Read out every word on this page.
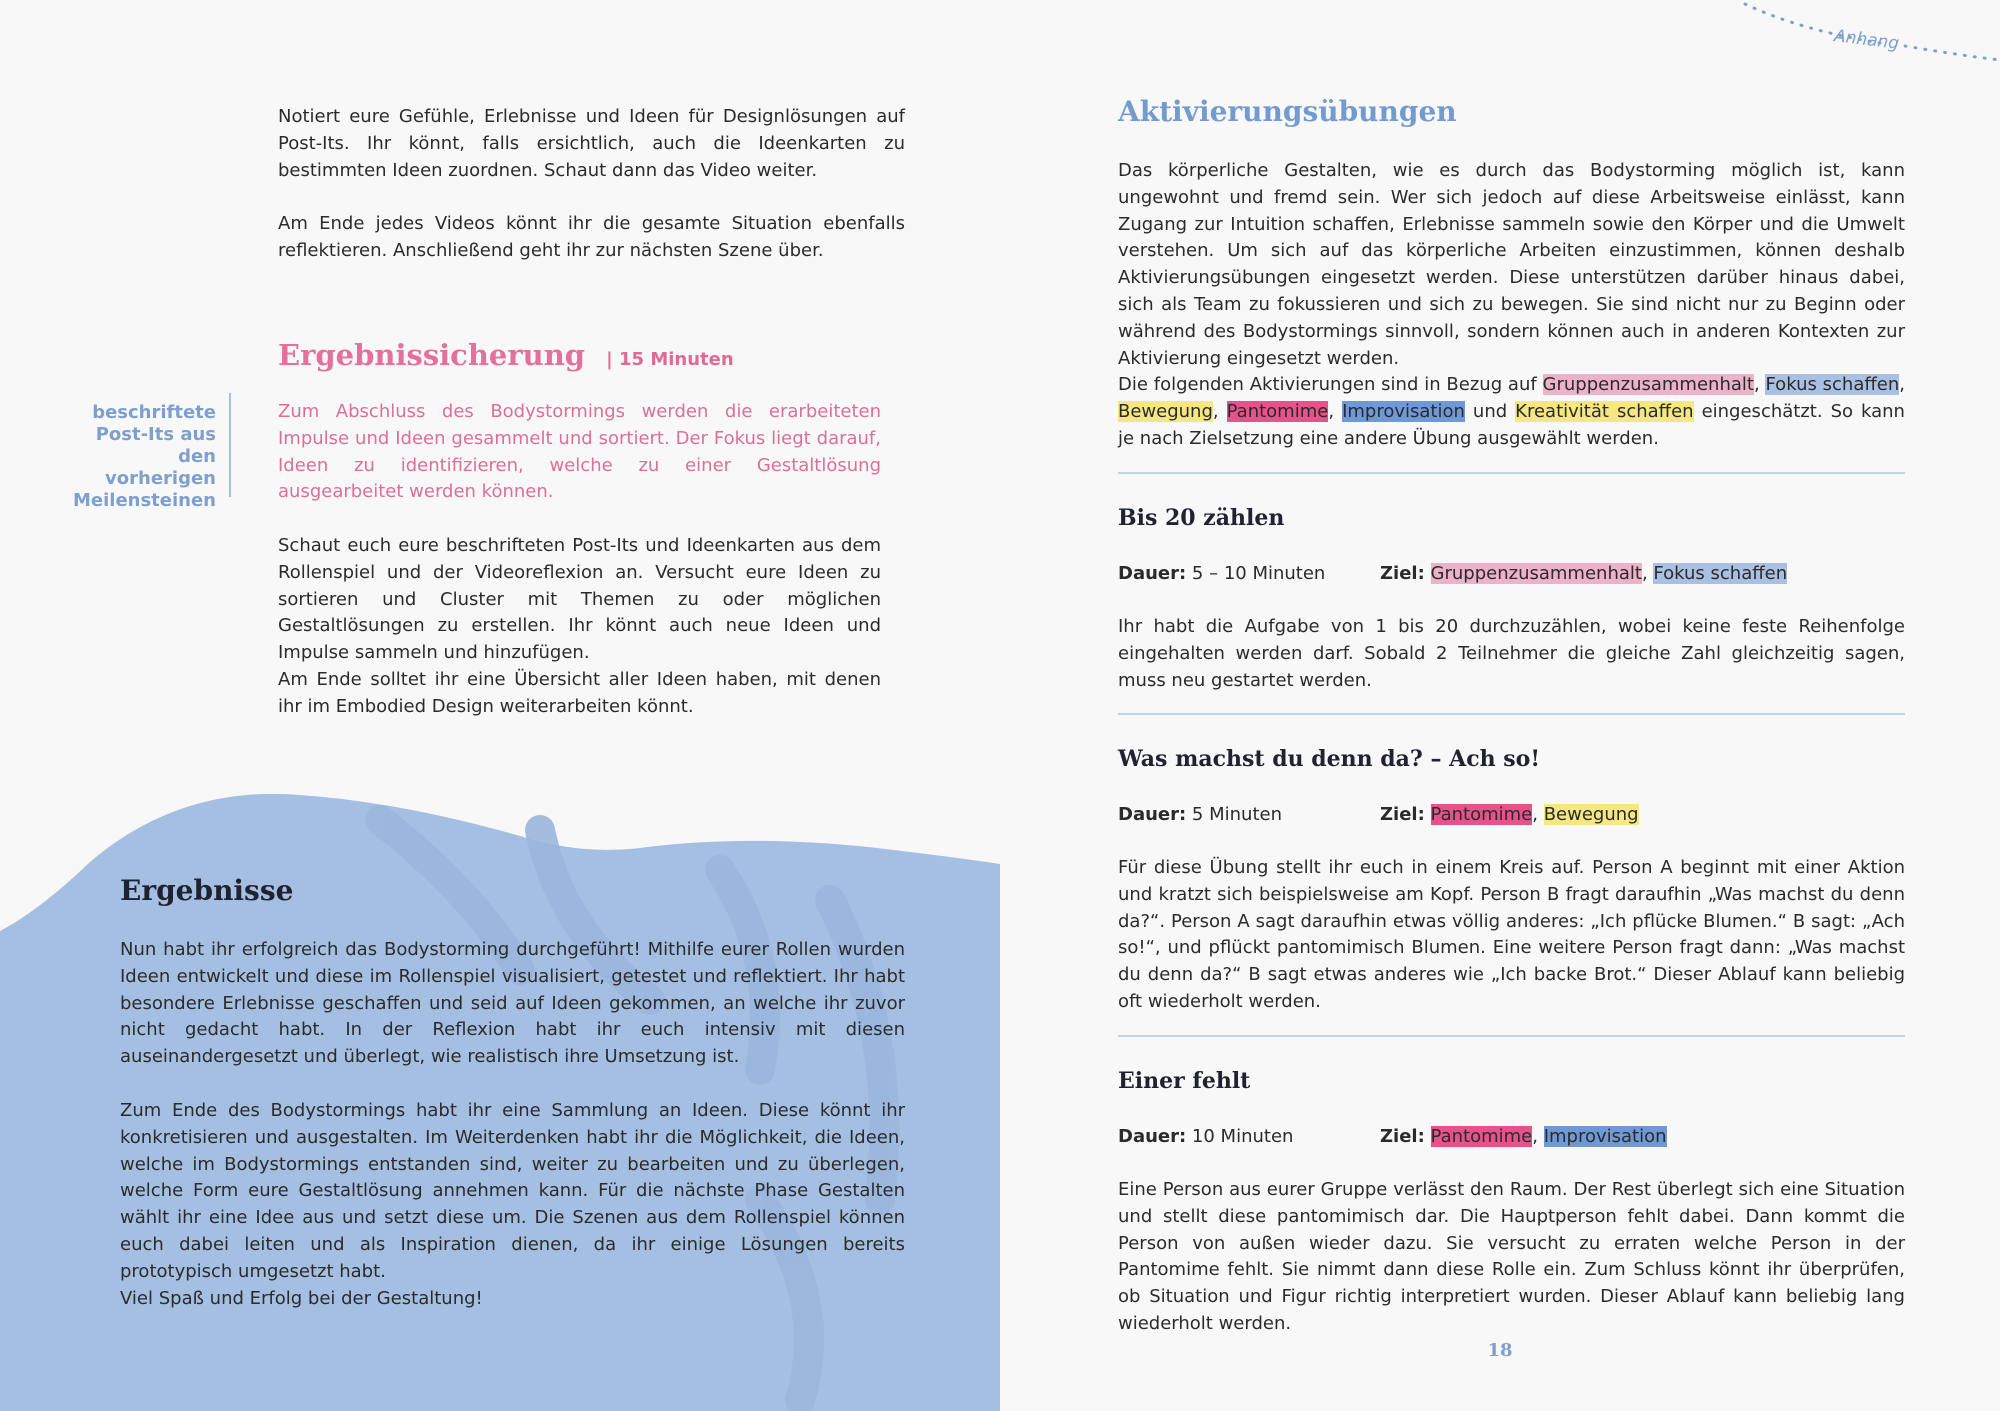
Anhang

Notiert eure Gefühle, Erlebnisse und Ideen für Designlösungen auf Post-Its. Ihr könnt, falls ersichtlich, auch die Ideenkarten zu bestimmten Ideen zuordnen. Schaut dann das Video weiter.

Am Ende jedes Videos könnt ihr die gesamte Situation ebenfalls reflektieren. Anschließend geht ihr zur nächsten Szene über.

Ergebnissicherung | 15 Minuten
beschriftete Post-Its aus den vorherigen Meilensteinen

Zum Abschluss des Bodystormings werden die erarbeiteten Impulse und Ideen gesammelt und sortiert. Der Fokus liegt darauf, Ideen zu identifizieren, welche zu einer Gestaltlösung ausgearbeitet werden können.

Schaut euch eure beschrifteten Post-Its und Ideenkarten aus dem Rollenspiel und der Videoreflexion an. Versucht eure Ideen zu sortieren und Cluster mit Themen zu oder möglichen Gestaltlösungen zu erstellen. Ihr könnt auch neue Ideen und Impulse sammeln und hinzufügen.

Am Ende solltet ihr eine Übersicht aller Ideen haben, mit denen ihr im Embodied Design weiterarbeiten könnt.

Ergebnisse

Nun habt ihr erfolgreich das Bodystorming durchgeführt! Mithilfe eurer Rollen wurden Ideen entwickelt und diese im Rollenspiel visualisiert, getestet und reflektiert. Ihr habt besondere Erlebnisse geschaffen und seid auf Ideen gekommen, an welche ihr zuvor nicht gedacht habt. In der Reflexion habt ihr euch intensiv mit diesen auseinandergesetzt und überlegt, wie realistisch ihre Umsetzung ist.

Zum Ende des Bodystormings habt ihr eine Sammlung an Ideen. Diese könnt ihr konkretisieren und ausgestalten. Im Weiterdenken habt ihr die Möglichkeit, die Ideen, welche im Bodystormings entstanden sind, weiter zu bearbeiten und zu überlegen, welche Form eure Gestaltlösung annehmen kann. Für die nächste Phase Gestalten wählt ihr eine Idee aus und setzt diese um. Die Szenen aus dem Rollenspiel können euch dabei leiten und als Inspiration dienen, da ihr einige Lösungen bereits prototypisch umgesetzt habt.

Viel Spaß und Erfolg bei der Gestaltung!

Aktivierungsübungen

Das körperliche Gestalten, wie es durch das Bodystorming möglich ist, kann ungewohnt und fremd sein. Wer sich jedoch auf diese Arbeitsweise einlässt, kann Zugang zur Intuition schaffen, Erlebnisse sammeln sowie den Körper und die Umwelt verstehen. Um sich auf das körperliche Arbeiten einzustimmen, können deshalb Aktivierungsübungen eingesetzt werden. Diese unterstützen darüber hinaus dabei, sich als Team zu fokussieren und sich zu bewegen. Sie sind nicht nur zu Beginn oder während des Bodystormings sinnvoll, sondern können auch in anderen Kontexten zur Aktivierung eingesetzt werden.

Die folgenden Aktivierungen sind in Bezug auf Gruppenzusammenhalt, Fokus schaffen, Bewegung, Pantomime, Improvisation und Kreativität schaffen eingeschätzt. So kann je nach Zielsetzung eine andere Übung ausgewählt werden.

Bis 20 zählen
Dauer: 5 – 10 Minuten	Ziel: Gruppenzusammenhalt, Fokus schaffen

Ihr habt die Aufgabe von 1 bis 20 durchzuzählen, wobei keine feste Reihenfolge eingehalten werden darf. Sobald 2 Teilnehmer die gleiche Zahl gleichzeitig sagen, muss neu gestartet werden.

Was machst du denn da? – Ach so!
Dauer: 5 Minuten	Ziel: Pantomime, Bewegung

Für diese Übung stellt ihr euch in einem Kreis auf. Person A beginnt mit einer Aktion und kratzt sich beispielsweise am Kopf. Person B fragt daraufhin „Was machst du denn da?“. Person A sagt daraufhin etwas völlig anderes: „Ich pflücke Blumen.“ B sagt: „Ach so!“, und pflückt pantomimisch Blumen. Eine weitere Person fragt dann: „Was machst du denn da?“ B sagt etwas anderes wie „Ich backe Brot.“ Dieser Ablauf kann beliebig oft wiederholt werden.

Einer fehlt
Dauer: 10 Minuten	Ziel: Pantomime, Improvisation

Eine Person aus eurer Gruppe verlässt den Raum. Der Rest überlegt sich eine Situation und stellt diese pantomimisch dar. Die Hauptperson fehlt dabei. Dann kommt die Person von außen wieder dazu. Sie versucht zu erraten welche Person in der Pantomime fehlt. Sie nimmt dann diese Rolle ein. Zum Schluss könnt ihr überprüfen, ob Situation und Figur richtig interpretiert wurden. Dieser Ablauf kann beliebig lang wiederholt werden.

18
